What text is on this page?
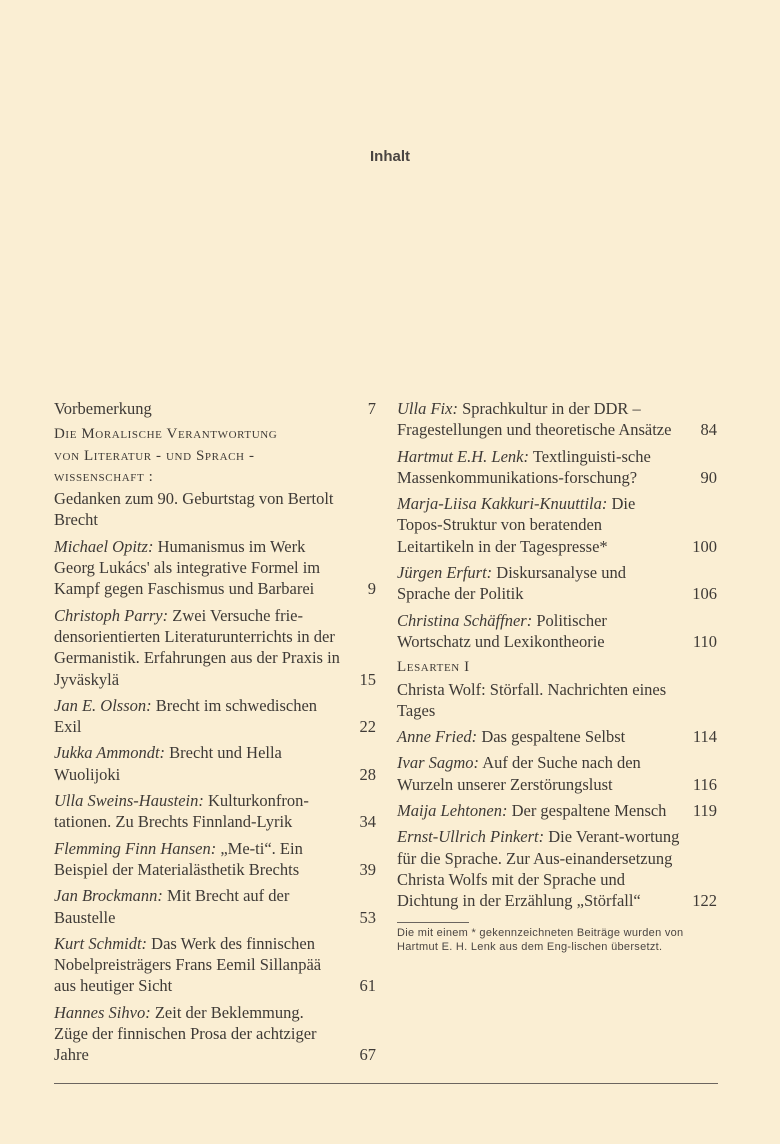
Inhalt
Vorbemerkung	7
Die Moralische Verantwortung
von Literatur - und Sprach -
wissenschaft :
Gedanken zum 90. Geburtstag von Bertolt Brecht
Michael Opitz: Humanismus im Werk Georg Lukács' als integrative Formel im Kampf gegen Faschismus und Barbarei	9
Christoph Parry: Zwei Versuche frie-densorientierten Literaturunterrichts in der Germanistik. Erfahrungen aus der Praxis in Jyväskylä	15
Jan E. Olsson: Brecht im schwedischen Exil	22
Jukka Ammondt: Brecht und Hella Wuolijoki	28
Ulla Sweins-Haustein: Kulturkonfron-tationen. Zu Brechts Finnland-Lyrik	34
Flemming Finn Hansen: „Me-ti“. Ein Beispiel der Materialästhetik Brechts	39
Jan Brockmann: Mit Brecht auf der Baustelle	53
Kurt Schmidt: Das Werk des finnischen Nobelpreisträgers Frans Eemil Sillanpää aus heutiger Sicht	61
Hannes Sihvo: Zeit der Beklemmung. Züge der finnischen Prosa der achtziger Jahre	67
Ulla Fix: Sprachkultur in der DDR – Fragestellungen und theoretische Ansätze	84
Hartmut E.H. Lenk: Textlinguisti-sche Massenkommunikations-forschung?	90
Marja-Liisa Kakkuri-Knuuttila: Die Topos-Struktur von beratenden Leitartikeln in der Tagespresse*	100
Jürgen Erfurt: Diskursanalyse und Sprache der Politik	106
Christina Schäffner: Politischer Wortschatz und Lexikontheorie	110
Lesarten I
Christa Wolf: Störfall. Nachrichten eines Tages
Anne Fried: Das gespaltene Selbst	114
Ivar Sagmo: Auf der Suche nach den Wurzeln unserer Zerstörungslust	116
Maija Lehtonen: Der gespaltene Mensch	119
Ernst-Ullrich Pinkert: Die Verant-wortung für die Sprache. Zur Aus-einandersetzung Christa Wolfs mit der Sprache und Dichtung in der Erzählung „Störfall“	122
Die mit einem * gekennzeichneten Beiträge wurden von Hartmut E. H. Lenk aus dem Eng-lischen übersetzt.
